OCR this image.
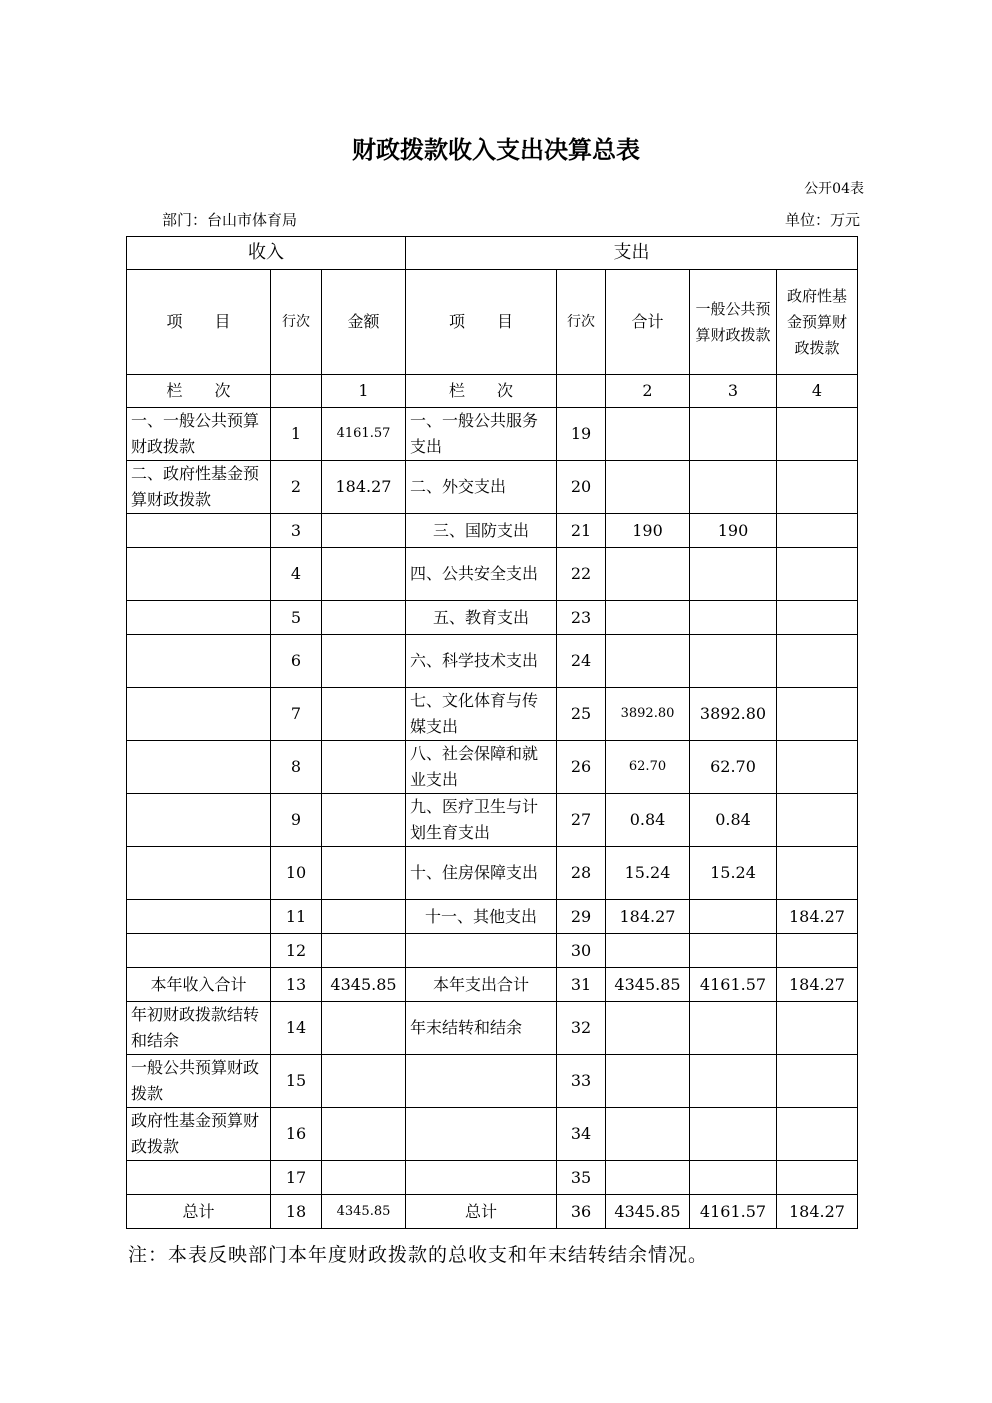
财政拨款收入支出决算总表
公开04表
部门：台山市体育局	单位：万元
收入			支出				
项　　目	行次	金额	项　　目	行次	合计	一般公共预算财政拨款	政府性基金预算财政拨款
栏　　次		1	栏　　次		2	3	4
一、一般公共预算财政拨款	1	4161.57	一、一般公共服务支出	19			
二、政府性基金预算财政拨款	2	184.27	二、外交支出	20			
	3		三、国防支出	21	190	190	
	4		四、公共安全支出	22			
	5		五、教育支出	23			
	6		六、科学技术支出	24			
	7		七、文化体育与传媒支出	25	3892.80	3892.80	
	8		八、社会保障和就业支出	26	62.70	62.70	
	9		九、医疗卫生与计划生育支出	27	0.84	0.84	
	10		十、住房保障支出	28	15.24	15.24	
	11		十一、其他支出	29	184.27		184.27
	12			30			
本年收入合计	13	4345.85	本年支出合计	31	4345.85	4161.57	184.27
年初财政拨款结转和结余	14		年末结转和结余	32			
一般公共预算财政拨款	15			33			
政府性基金预算财政拨款	16			34			
	17			35			
总计	18	4345.85	总计	36	4345.85	4161.57	184.27
注：本表反映部门本年度财政拨款的总收支和年末结转结余情况。
